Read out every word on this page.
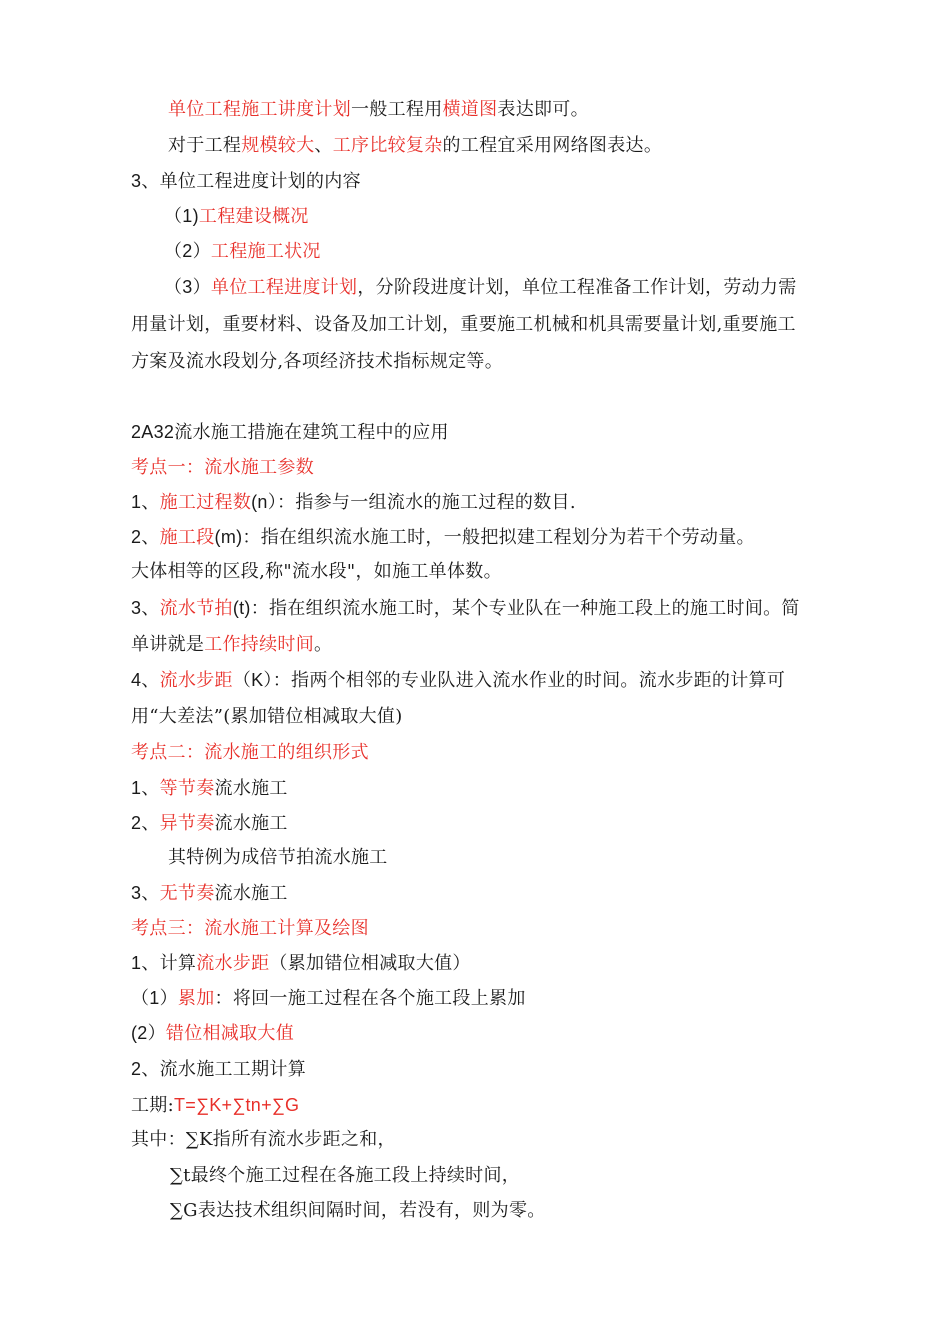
单位工程施工讲度计划一般工程用横道图表达即可。
对于工程规模较大、工序比较复杂的工程宜采用网络图表达。
3、单位工程进度计划的内容
（1)工程建设概况
（2）工程施工状况
（3）单位工程进度计划，分阶段进度计划，单位工程准备工作计划，劳动力需
用量计划，重要材料、设备及加工计划，重要施工机械和机具需要量计划,重要施工
方案及流水段划分,各项经济技术指标规定等。
2A32流水施工措施在建筑工程中的应用
考点一：流水施工参数
1、施工过程数(n）：指参与一组流水的施工过程的数目.
2、施工段(m)：指在组织流水施工时，一般把拟建工程划分为若干个劳动量。
大体相等的区段,称"流水段"，如施工单体数。
3、流水节拍(t)：指在组织流水施工时，某个专业队在一种施工段上的施工时间。简
单讲就是工作持续时间。
4、流水步距（K）：指两个相邻的专业队进入流水作业的时间。流水步距的计算可
用“大差法”(累加错位相减取大值)
考点二：流水施工的组织形式
1、等节奏流水施工
2、异节奏流水施工
其特例为成倍节拍流水施工
3、无节奏流水施工
考点三：流水施工计算及绘图
1、计算流水步距（累加错位相减取大值）
（1）累加：将回一施工过程在各个施工段上累加
(2）错位相减取大值
2、流水施工工期计算
工期:T=∑K+∑tn+∑G
其中：∑K指所有流水步距之和，
∑t最终个施工过程在各施工段上持续时间，
∑G表达技术组织间隔时间，若没有，则为零。
